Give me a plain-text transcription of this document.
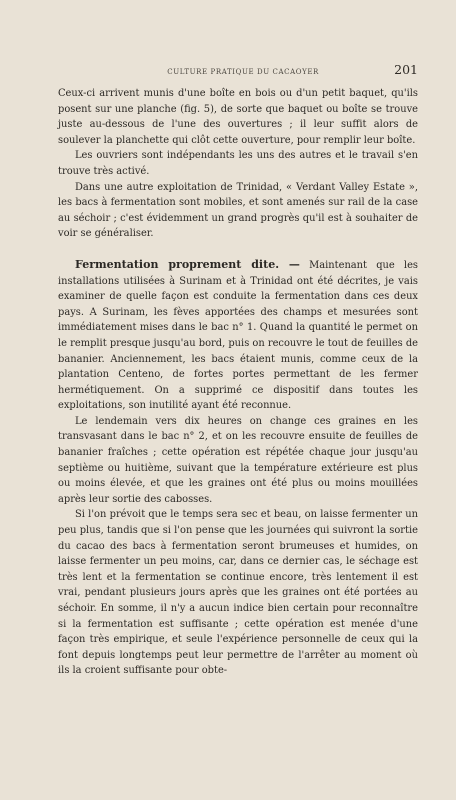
CULTURE PRATIQUE DU CACAOYER	201

Ceux-ci arrivent munis d'une boîte en bois ou d'un petit baquet, qu'ils posent sur une planche (fig. 5), de sorte que baquet ou boîte se trouve juste au-dessous de l'une des ouvertures ; il leur suffit alors de soulever la planchette qui clôt cette ouverture, pour remplir leur boîte.

Les ouvriers sont indépendants les uns des autres et le travail s'en trouve très activé.

Dans une autre exploitation de Trinidad, « Verdant Valley Estate », les bacs à fermentation sont mobiles, et sont amenés sur rail de la case au séchoir ; c'est évidemment un grand progrès qu'il est à souhaiter de voir se généraliser.

Fermentation proprement dite. — Maintenant que les installations utilisées à Surinam et à Trinidad ont été décrites, je vais examiner de quelle façon est conduite la fermentation dans ces deux pays. A Surinam, les fèves apportées des champs et mesurées sont immédiatement mises dans le bac n° 1. Quand la quantité le permet on le remplit presque jusqu'au bord, puis on recouvre le tout de feuilles de bananier. Anciennement, les bacs étaient munis, comme ceux de la plantation Centeno, de fortes portes permettant de les fermer hermétiquement. On a supprimé ce dispositif dans toutes les exploitations, son inutilité ayant été reconnue.

Le lendemain vers dix heures on change ces graines en les transvasant dans le bac n° 2, et on les recouvre ensuite de feuilles de bananier fraîches ; cette opération est répétée chaque jour jusqu'au septième ou huitième, suivant que la température extérieure est plus ou moins élevée, et que les graines ont été plus ou moins mouillées après leur sortie des cabosses.

Si l'on prévoit que le temps sera sec et beau, on laisse fermenter un peu plus, tandis que si l'on pense que les journées qui suivront la sortie du cacao des bacs à fermentation seront brumeuses et humides, on laisse fermenter un peu moins, car, dans ce dernier cas, le séchage est très lent et la fermentation se continue encore, très lentement il est vrai, pendant plusieurs jours après que les graines ont été portées au séchoir. En somme, il n'y a aucun indice bien certain pour reconnaître si la fermentation est suffisante ; cette opération est menée d'une façon très empirique, et seule l'expérience personnelle de ceux qui la font depuis longtemps peut leur permettre de l'arrêter au moment où ils la croient suffisante pour obte-
